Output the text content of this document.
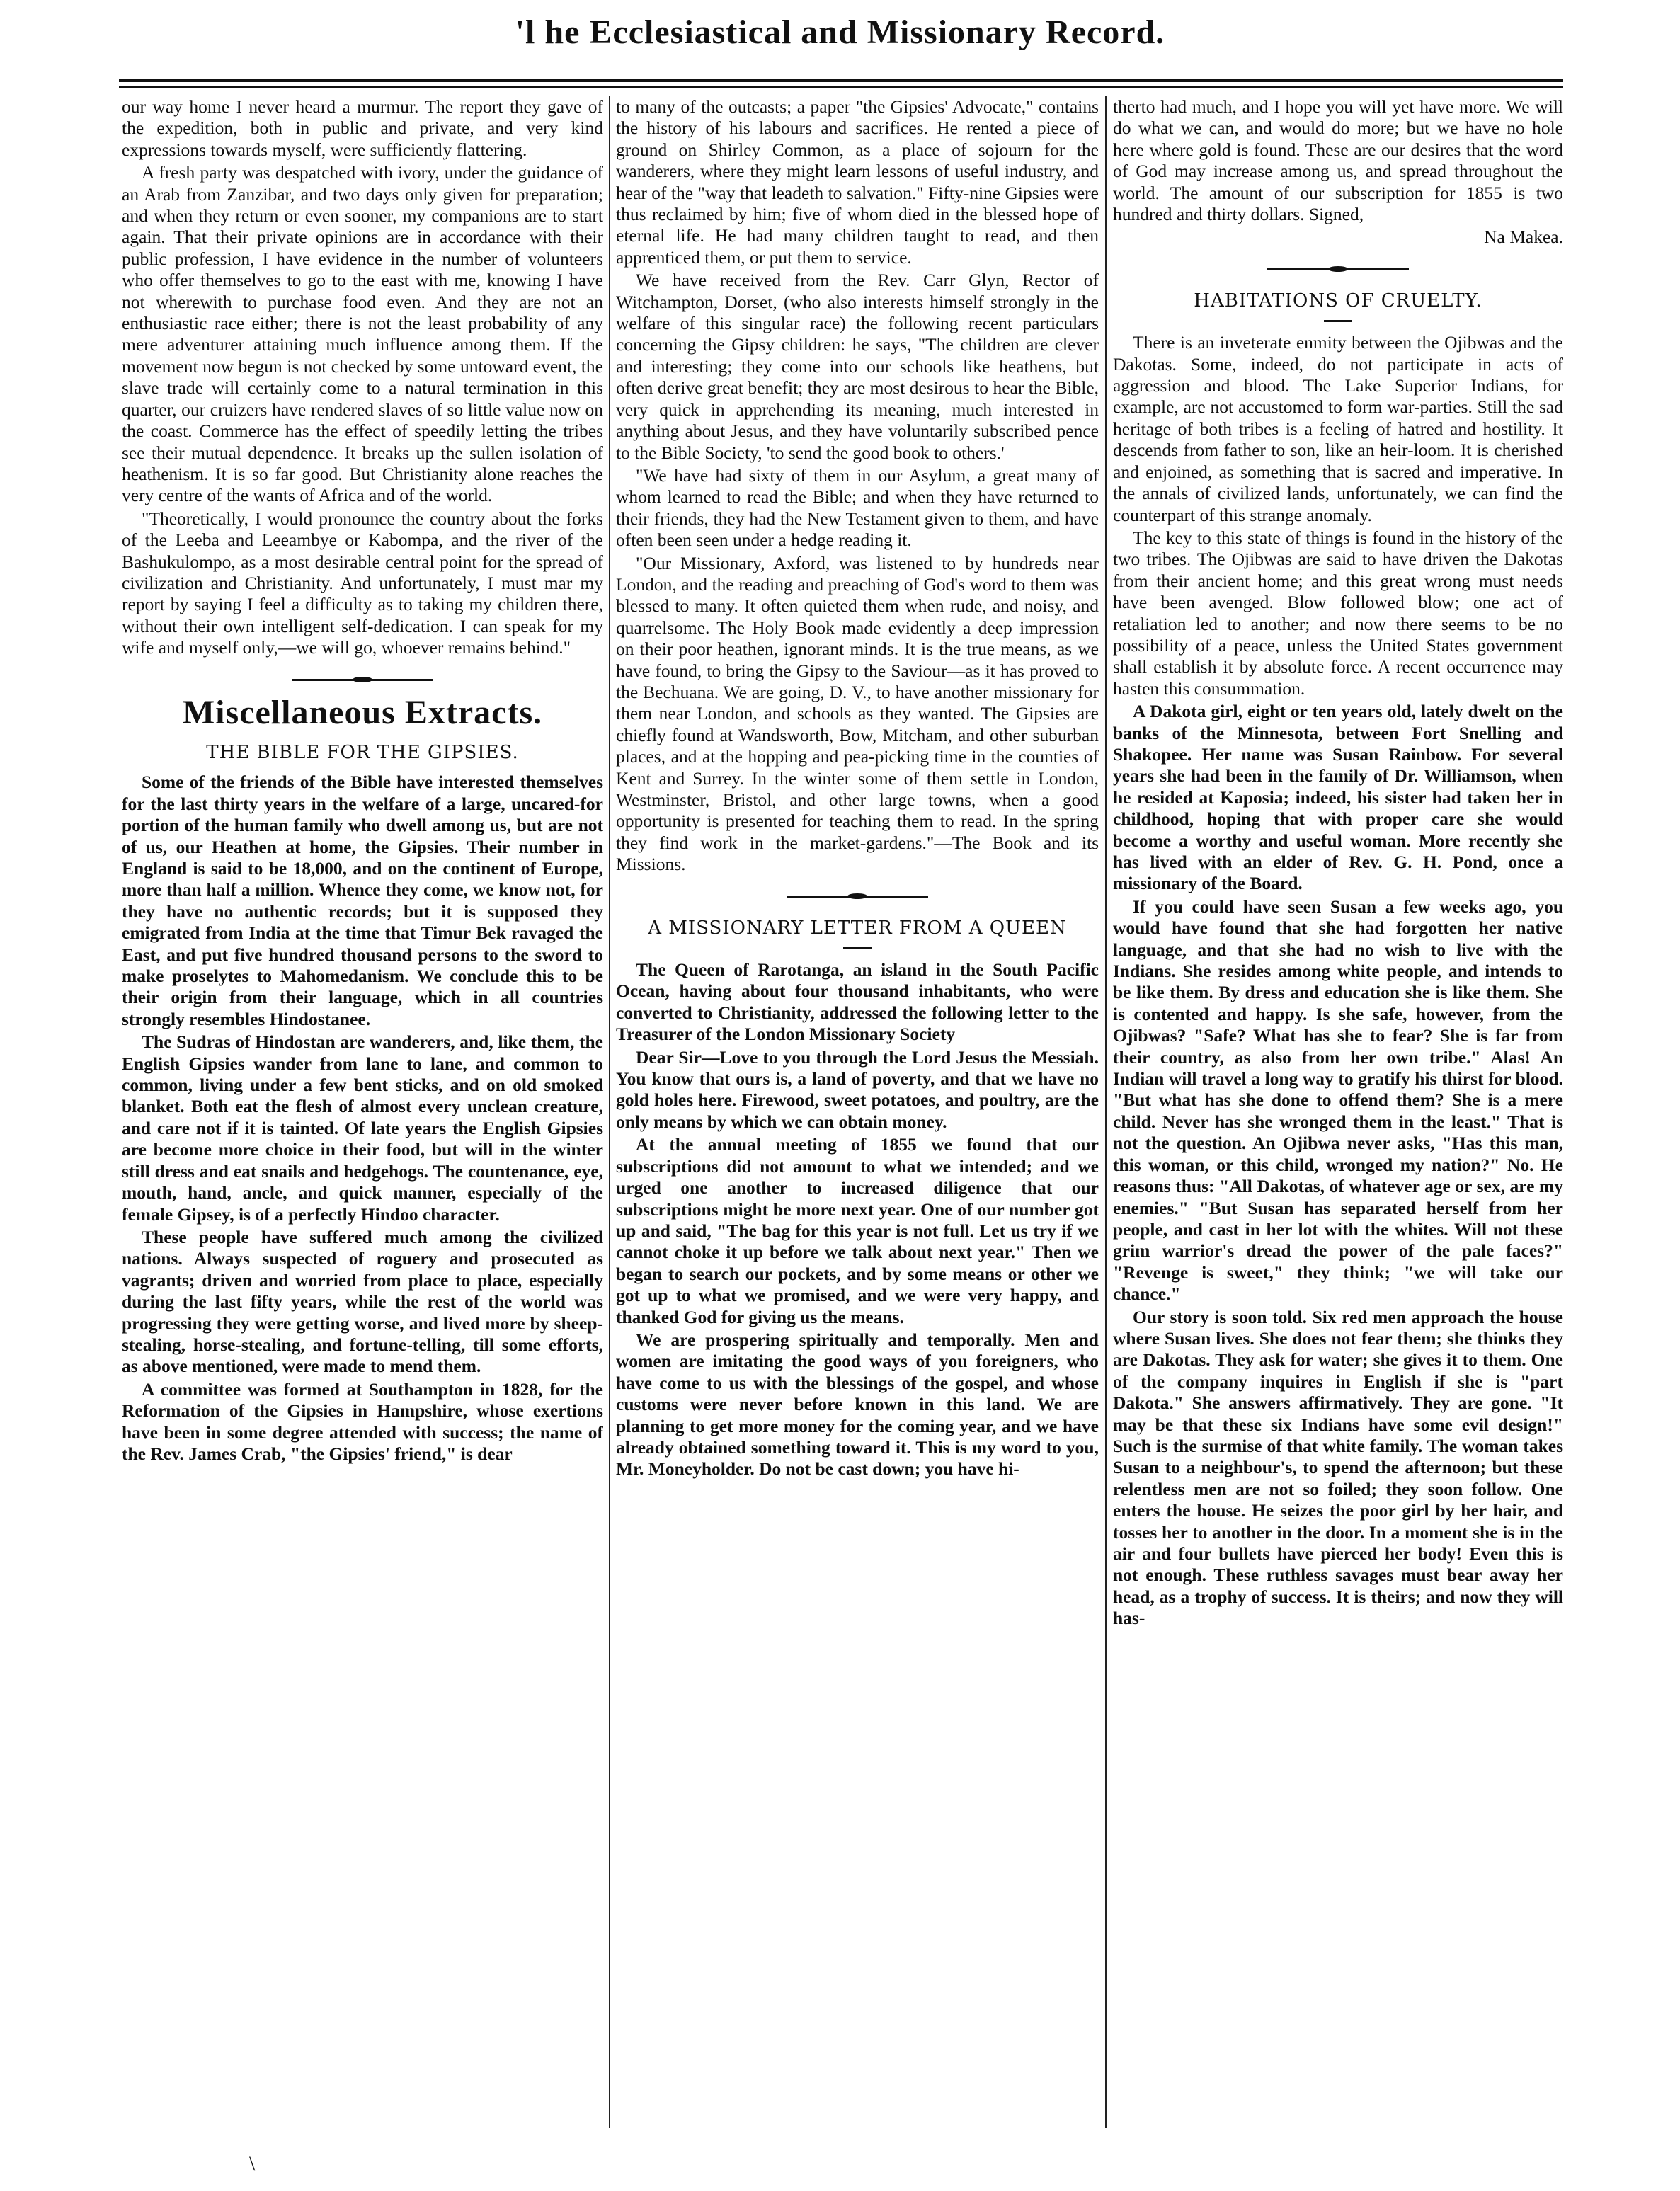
'l he Ecclesiastical and Missionary Record.

our way home I never heard a murmur. The report they gave of the expedition, both in public and private, and very kind expressions towards myself, were sufficiently flattering.

A fresh party was despatched with ivory, under the guidance of an Arab from Zanzibar, and two days only given for preparation; and when they return or even sooner, my companions are to start again. That their private opinions are in accordance with their public profession, I have evidence in the number of volunteers who offer themselves to go to the east with me, knowing I have not wherewith to purchase food even. And they are not an enthusiastic race either; there is not the least probability of any mere adventurer attaining much influence among them. If the movement now begun is not checked by some untoward event, the slave trade will certainly come to a natural termination in this quarter, our cruizers have rendered slaves of so little value now on the coast. Commerce has the effect of speedily letting the tribes see their mutual dependence. It breaks up the sullen isolation of heathenism. It is so far good. But Christianity alone reaches the very centre of the wants of Africa and of the world.

"Theoretically, I would pronounce the country about the forks of the Leeba and Leeambye or Kabompa, and the river of the Bashukulompo, as a most desirable central point for the spread of civilization and Christianity. And unfortunately, I must mar my report by saying I feel a difficulty as to taking my children there, without their own intelligent self-dedication. I can speak for my wife and myself only,—we will go, whoever remains behind."

Miscellaneous Extracts.
THE BIBLE FOR THE GIPSIES.

Some of the friends of the Bible have interested themselves for the last thirty years in the welfare of a large, uncared-for portion of the human family who dwell among us, but are not of us, our Heathen at home, the Gipsies. Their number in England is said to be 18,000, and on the continent of Europe, more than half a million. Whence they come, we know not, for they have no authentic records; but it is supposed they emigrated from India at the time that Timur Bek ravaged the East, and put five hundred thousand persons to the sword to make proselytes to Mahomedanism. We conclude this to be their origin from their language, which in all countries strongly resembles Hindostanee.

The Sudras of Hindostan are wanderers, and, like them, the English Gipsies wander from lane to lane, and common to common, living under a few bent sticks, and on old smoked blanket. Both eat the flesh of almost every unclean creature, and care not if it is tainted. Of late years the English Gipsies are become more choice in their food, but will in the winter still dress and eat snails and hedgehogs. The countenance, eye, mouth, hand, ancle, and quick manner, especially of the female Gipsey, is of a perfectly Hindoo character.

These people have suffered much among the civilized nations. Always suspected of roguery and prosecuted as vagrants; driven and worried from place to place, especially during the last fifty years, while the rest of the world was progressing they were getting worse, and lived more by sheep-stealing, horse-stealing, and fortune-telling, till some efforts, as above mentioned, were made to mend them.

A committee was formed at Southampton in 1828, for the Reformation of the Gipsies in Hampshire, whose exertions have been in some degree attended with success; the name of the Rev. James Crab, "the Gipsies' friend," is dear

to many of the outcasts; a paper "the Gipsies' Advocate," contains the history of his labours and sacrifices. He rented a piece of ground on Shirley Common, as a place of sojourn for the wanderers, where they might learn lessons of useful industry, and hear of the "way that leadeth to salvation." Fifty-nine Gipsies were thus reclaimed by him; five of whom died in the blessed hope of eternal life. He had many children taught to read, and then apprenticed them, or put them to service.

We have received from the Rev. Carr Glyn, Rector of Witchampton, Dorset, (who also interests himself strongly in the welfare of this singular race) the following recent particulars concerning the Gipsy children: he says, "The children are clever and interesting; they come into our schools like heathens, but often derive great benefit; they are most desirous to hear the Bible, very quick in apprehending its meaning, much interested in anything about Jesus, and they have voluntarily subscribed pence to the Bible Society, 'to send the good book to others.'

"We have had sixty of them in our Asylum, a great many of whom learned to read the Bible; and when they have returned to their friends, they had the New Testament given to them, and have often been seen under a hedge reading it.

"Our Missionary, Axford, was listened to by hundreds near London, and the reading and preaching of God's word to them was blessed to many. It often quieted them when rude, and noisy, and quarrelsome. The Holy Book made evidently a deep impression on their poor heathen, ignorant minds. It is the true means, as we have found, to bring the Gipsy to the Saviour—as it has proved to the Bechuana. We are going, D. V., to have another missionary for them near London, and schools as they wanted. The Gipsies are chiefly found at Wandsworth, Bow, Mitcham, and other suburban places, and at the hopping and pea-picking time in the counties of Kent and Surrey. In the winter some of them settle in London, Westminster, Bristol, and other large towns, when a good opportunity is presented for teaching them to read. In the spring they find work in the market-gardens."—The Book and its Missions.

A MISSIONARY LETTER FROM A QUEEN

The Queen of Rarotanga, an island in the South Pacific Ocean, having about four thousand inhabitants, who were converted to Christianity, addressed the following letter to the Treasurer of the London Missionary Society

Dear Sir—Love to you through the Lord Jesus the Messiah. You know that ours is, a land of poverty, and that we have no gold holes here. Firewood, sweet potatoes, and poultry, are the only means by which we can obtain money.

At the annual meeting of 1855 we found that our subscriptions did not amount to what we intended; and we urged one another to increased diligence that our subscriptions might be more next year. One of our number got up and said, "The bag for this year is not full. Let us try if we cannot choke it up before we talk about next year." Then we began to search our pockets, and by some means or other we got up to what we promised, and we were very happy, and thanked God for giving us the means.

We are prospering spiritually and temporally. Men and women are imitating the good ways of you foreigners, who have come to us with the blessings of the gospel, and whose customs were never before known in this land. We are planning to get more money for the coming year, and we have already obtained something toward it. This is my word to you, Mr. Moneyholder. Do not be cast down; you have hi-

therto had much, and I hope you will yet have more. We will do what we can, and would do more; but we have no hole here where gold is found. These are our desires that the word of God may increase among us, and spread throughout the world. The amount of our subscription for 1855 is two hundred and thirty dollars. Signed,

Na Makea.

HABITATIONS OF CRUELTY.

There is an inveterate enmity between the Ojibwas and the Dakotas. Some, indeed, do not participate in acts of aggression and blood. The Lake Superior Indians, for example, are not accustomed to form war-parties. Still the sad heritage of both tribes is a feeling of hatred and hostility. It descends from father to son, like an heir-loom. It is cherished and enjoined, as something that is sacred and imperative. In the annals of civilized lands, unfortunately, we can find the counterpart of this strange anomaly.

The key to this state of things is found in the history of the two tribes. The Ojibwas are said to have driven the Dakotas from their ancient home; and this great wrong must needs have been avenged. Blow followed blow; one act of retaliation led to another; and now there seems to be no possibility of a peace, unless the United States government shall establish it by absolute force. A recent occurrence may hasten this consummation.

A Dakota girl, eight or ten years old, lately dwelt on the banks of the Minnesota, between Fort Snelling and Shakopee. Her name was Susan Rainbow. For several years she had been in the family of Dr. Williamson, when he resided at Kaposia; indeed, his sister had taken her in childhood, hoping that with proper care she would become a worthy and useful woman. More recently she has lived with an elder of Rev. G. H. Pond, once a missionary of the Board.

If you could have seen Susan a few weeks ago, you would have found that she had forgotten her native language, and that she had no wish to live with the Indians. She resides among white people, and intends to be like them. By dress and education she is like them. She is contented and happy. Is she safe, however, from the Ojibwas? "Safe? What has she to fear? She is far from their country, as also from her own tribe." Alas! An Indian will travel a long way to gratify his thirst for blood. "But what has she done to offend them? She is a mere child. Never has she wronged them in the least." That is not the question. An Ojibwa never asks, "Has this man, this woman, or this child, wronged my nation?" No. He reasons thus: "All Dakotas, of whatever age or sex, are my enemies." "But Susan has separated herself from her people, and cast in her lot with the whites. Will not these grim warrior's dread the power of the pale faces?" "Revenge is sweet," they think; "we will take our chance."

Our story is soon told. Six red men approach the house where Susan lives. She does not fear them; she thinks they are Dakotas. They ask for water; she gives it to them. One of the company inquires in English if she is "part Dakota." She answers affirmatively. They are gone. "It may be that these six Indians have some evil design!" Such is the surmise of that white family. The woman takes Susan to a neighbour's, to spend the afternoon; but these relentless men are not so foiled; they soon follow. One enters the house. He seizes the poor girl by her hair, and tosses her to another in the door. In a moment she is in the air and four bullets have pierced her body! Even this is not enough. These ruthless savages must bear away her head, as a trophy of success. It is theirs; and now they will has-

\
